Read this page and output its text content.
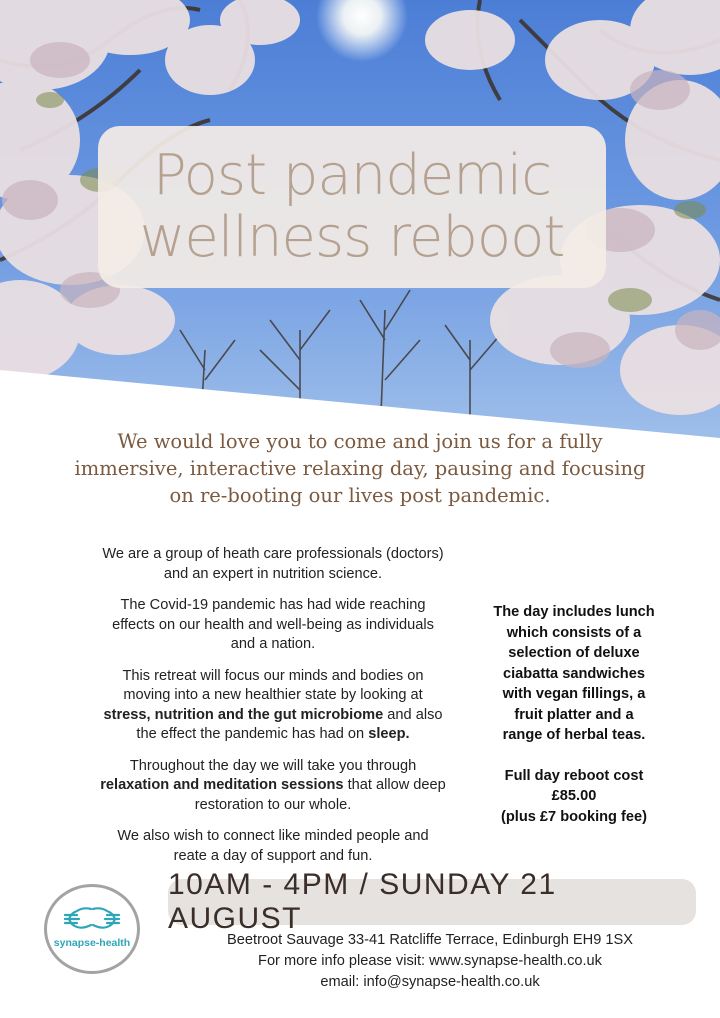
Post pandemic
wellness reboot
We would love you to come and join us for a fully
immersive, interactive relaxing day, pausing and focusing
on re-booting our lives post pandemic.

We are a group of heath care professionals (doctors)
and an expert in nutrition science.

The Covid-19 pandemic has had wide reaching
effects on our health and well-being as individuals
and a nation.

This retreat will focus our minds and bodies on
moving into a new healthier state by looking at
stress, nutrition and the gut microbiome and also
the effect the pandemic has had on sleep.

Throughout the day we will take you through
relaxation and meditation sessions that allow deep
restoration to our whole.

We also wish to connect like minded people and
reate a day of support and fun.

The day includes lunch
which consists of a
selection of deluxe
ciabatta sandwiches
with vegan fillings, a
fruit platter and a
range of herbal teas.

Full day reboot cost
£85.00
(plus £7 booking fee)

synapse-health
10AM - 4PM / SUNDAY 21 AUGUST
Beetroot Sauvage 33-41 Ratcliffe Terrace, Edinburgh EH9 1SX
For more info please visit: www.synapse-health.co.uk
email: info@synapse-health.co.uk
